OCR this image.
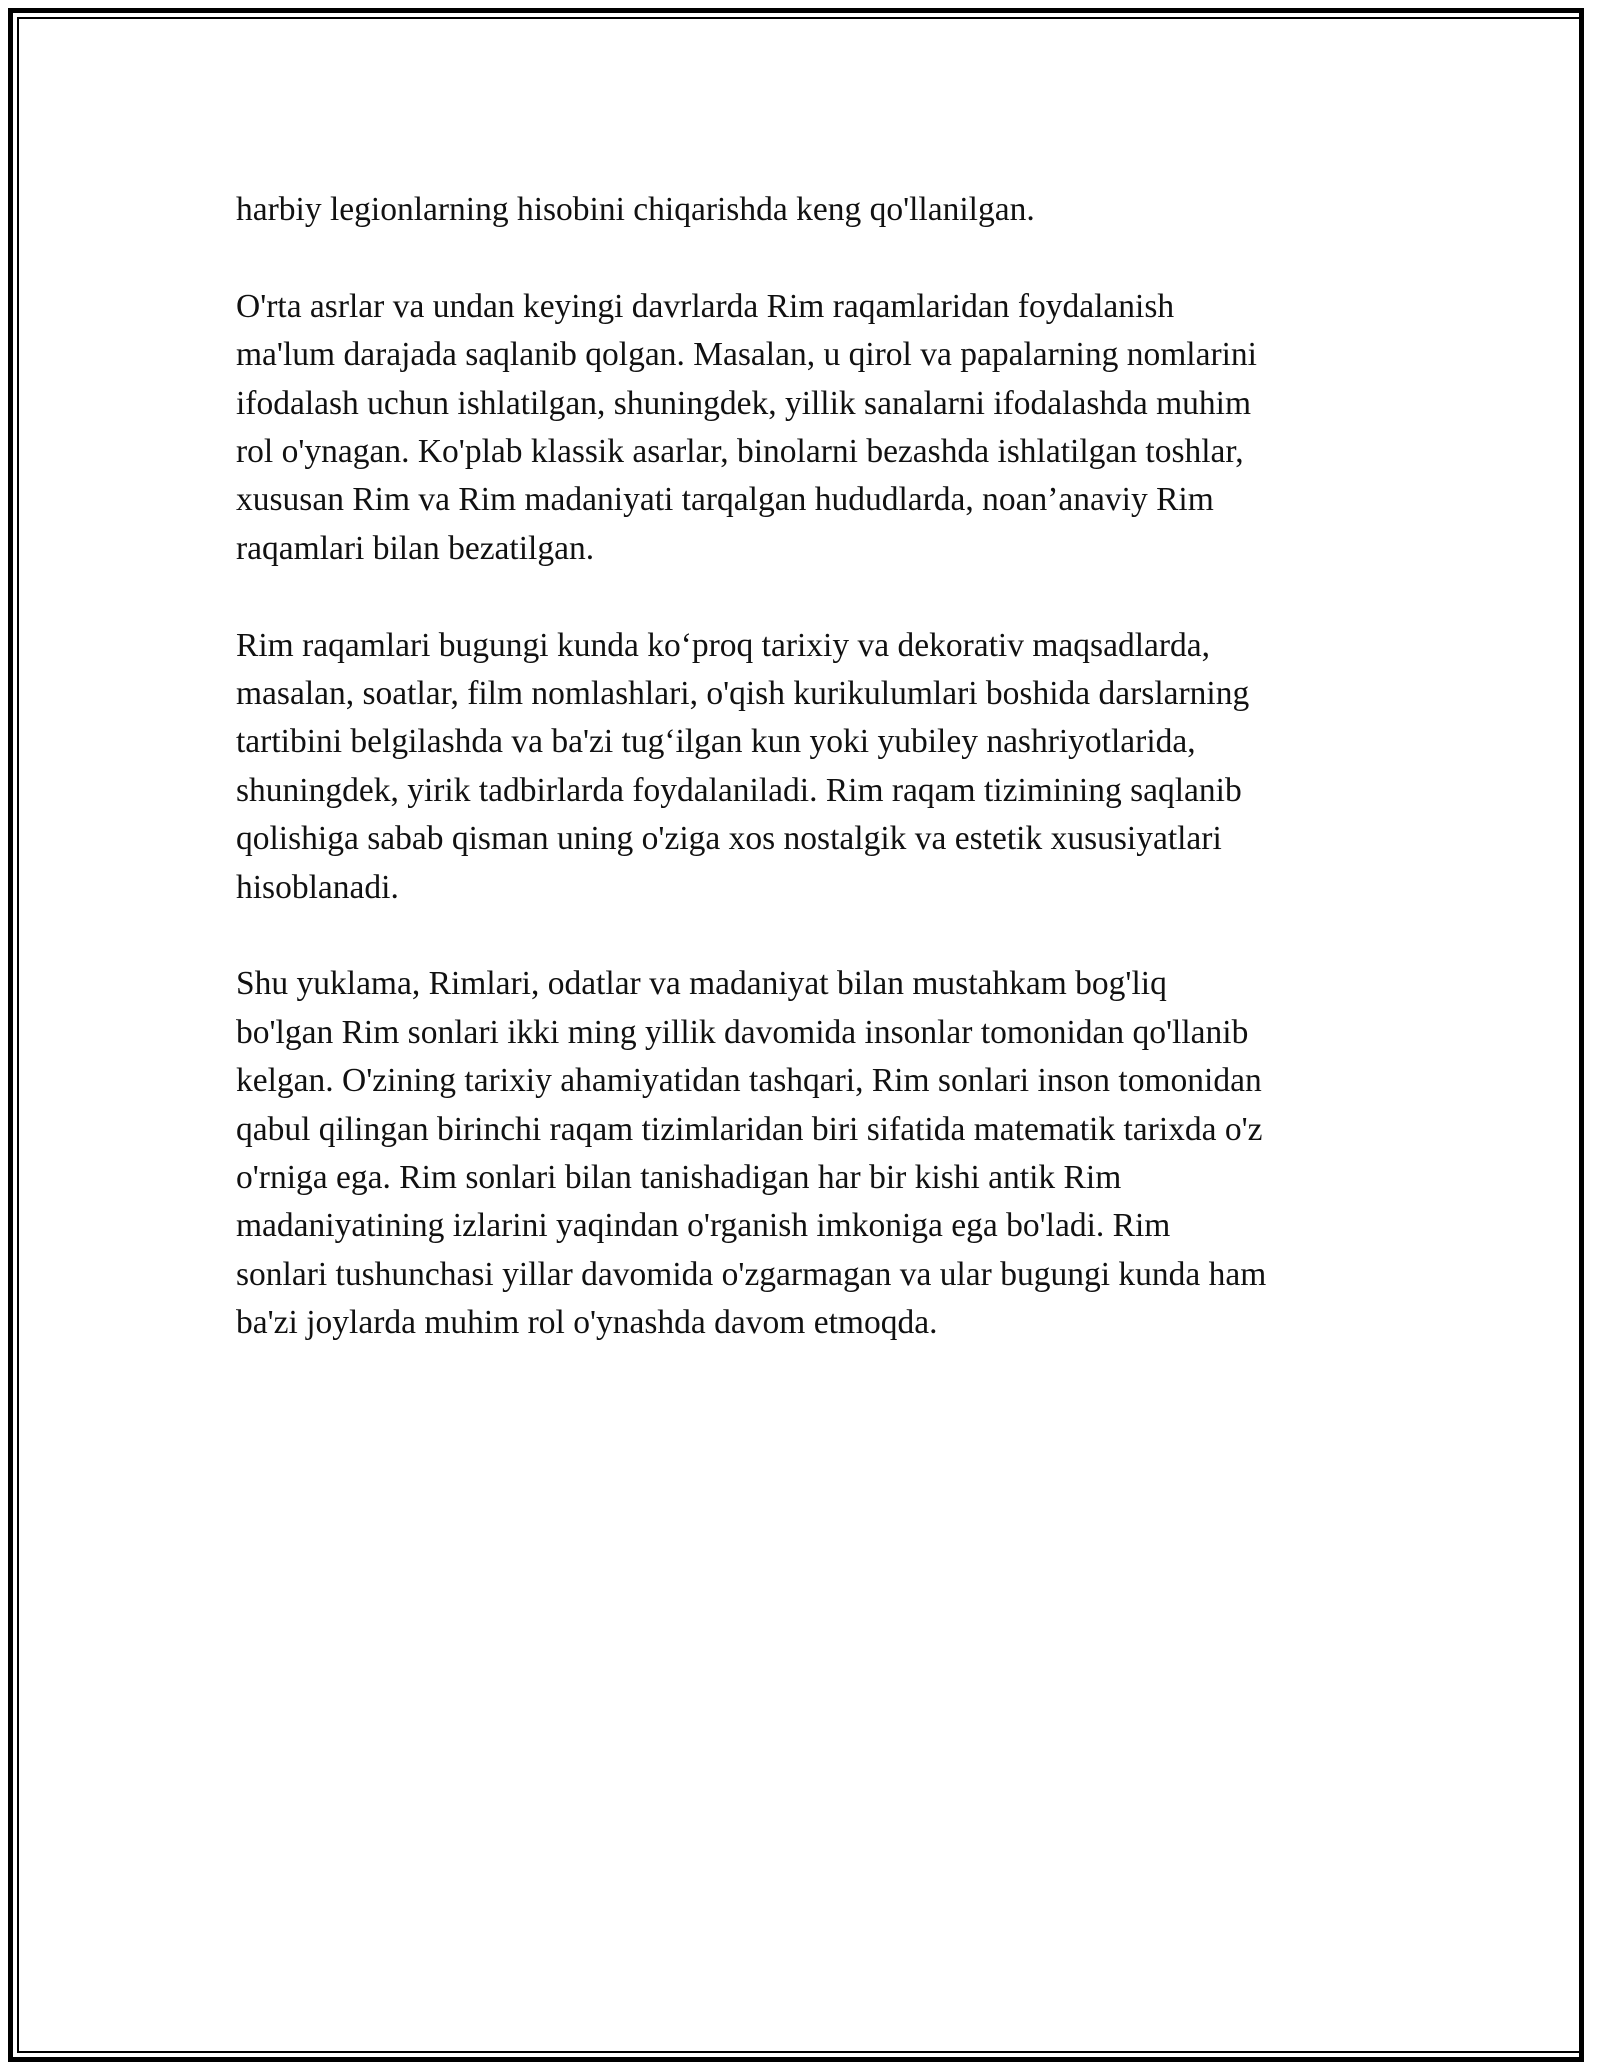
harbiy legionlarning hisobini chiqarishda keng qo'llanilgan.

O'rta asrlar va undan keyingi davrlarda Rim raqamlaridan foydalanish
ma'lum darajada saqlanib qolgan. Masalan, u qirol va papalarning nomlarini
ifodalash uchun ishlatilgan, shuningdek, yillik sanalarni ifodalashda muhim
rol o'ynagan. Ko'plab klassik asarlar, binolarni bezashda ishlatilgan toshlar,
xususan Rim va Rim madaniyati tarqalgan hududlarda, noan’anaviy Rim
raqamlari bilan bezatilgan.

Rim raqamlari bugungi kunda ko‘proq tarixiy va dekorativ maqsadlarda,
masalan, soatlar, film nomlashlari, o'qish kurikulumlari boshida darslarning
tartibini belgilashda va ba'zi tug‘ilgan kun yoki yubiley nashriyotlarida,
shuningdek, yirik tadbirlarda foydalaniladi. Rim raqam tizimining saqlanib
qolishiga sabab qisman uning o'ziga xos nostalgik va estetik xususiyatlari
hisoblanadi.

Shu yuklama, Rimlari, odatlar va madaniyat bilan mustahkam bog'liq
bo'lgan Rim sonlari ikki ming yillik davomida insonlar tomonidan qo'llanib
kelgan. O'zining tarixiy ahamiyatidan tashqari, Rim sonlari inson tomonidan
qabul qilingan birinchi raqam tizimlaridan biri sifatida matematik tarixda o'z
o'rniga ega. Rim sonlari bilan tanishadigan har bir kishi antik Rim
madaniyatining izlarini yaqindan o'rganish imkoniga ega bo'ladi. Rim
sonlari tushunchasi yillar davomida o'zgarmagan va ular bugungi kunda ham
ba'zi joylarda muhim rol o'ynashda davom etmoqda.
